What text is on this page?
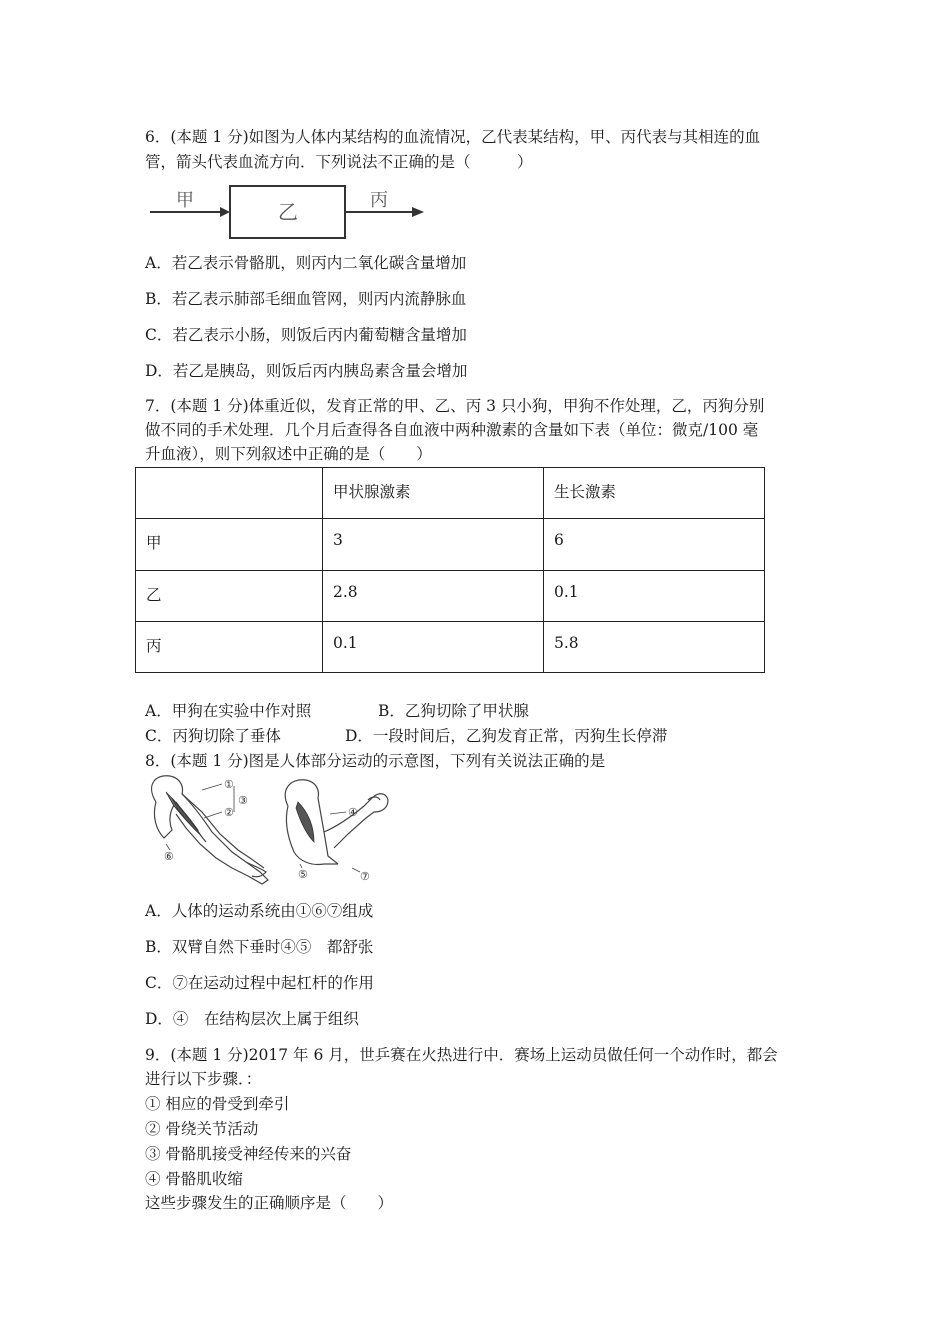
6．(本题 1 分)如图为人体内某结构的血流情况，乙代表某结构，甲、丙代表与其相连的血
管，箭头代表血流方向．下列说法不正确的是（　　　）
甲	乙	丙
A．若乙表示骨骼肌，则丙内二氧化碳含量增加
B．若乙表示肺部毛细血管网，则丙内流静脉血
C．若乙表示小肠，则饭后丙内葡萄糖含量增加
D．若乙是胰岛，则饭后丙内胰岛素含量会增加
7．(本题 1 分)体重近似，发育正常的甲、乙、丙 3 只小狗，甲狗不作处理，乙，丙狗分别
做不同的手术处理．几个月后查得各自血液中两种激素的含量如下表（单位：微克/100 毫
升血液），则下列叙述中正确的是（　　）
	甲状腺激素	生长激素
甲	3	6
乙	2.8	0.1
丙	0.1	5.8
A．甲狗在实验中作对照	B．乙狗切除了甲状腺
C．丙狗切除了垂体	D．一段时间后，乙狗发育正常，丙狗生长停滞
8．(本题 1 分)图是人体部分运动的示意图，下列有关说法正确的是
①
②
③
④
⑤
⑥
⑦
A．人体的运动系统由①⑥⑦组成
B．双臂自然下垂时④⑤　都舒张
C．⑦在运动过程中起杠杆的作用
D．④　在结构层次上属于组织
9．(本题 1 分)2017 年 6 月，世乒赛在火热进行中．赛场上运动员做任何一个动作时，都会
进行以下步骤．：
① 相应的骨受到牵引
② 骨绕关节活动
③ 骨骼肌接受神经传来的兴奋
④ 骨骼肌收缩
这些步骤发生的正确顺序是（　　）
